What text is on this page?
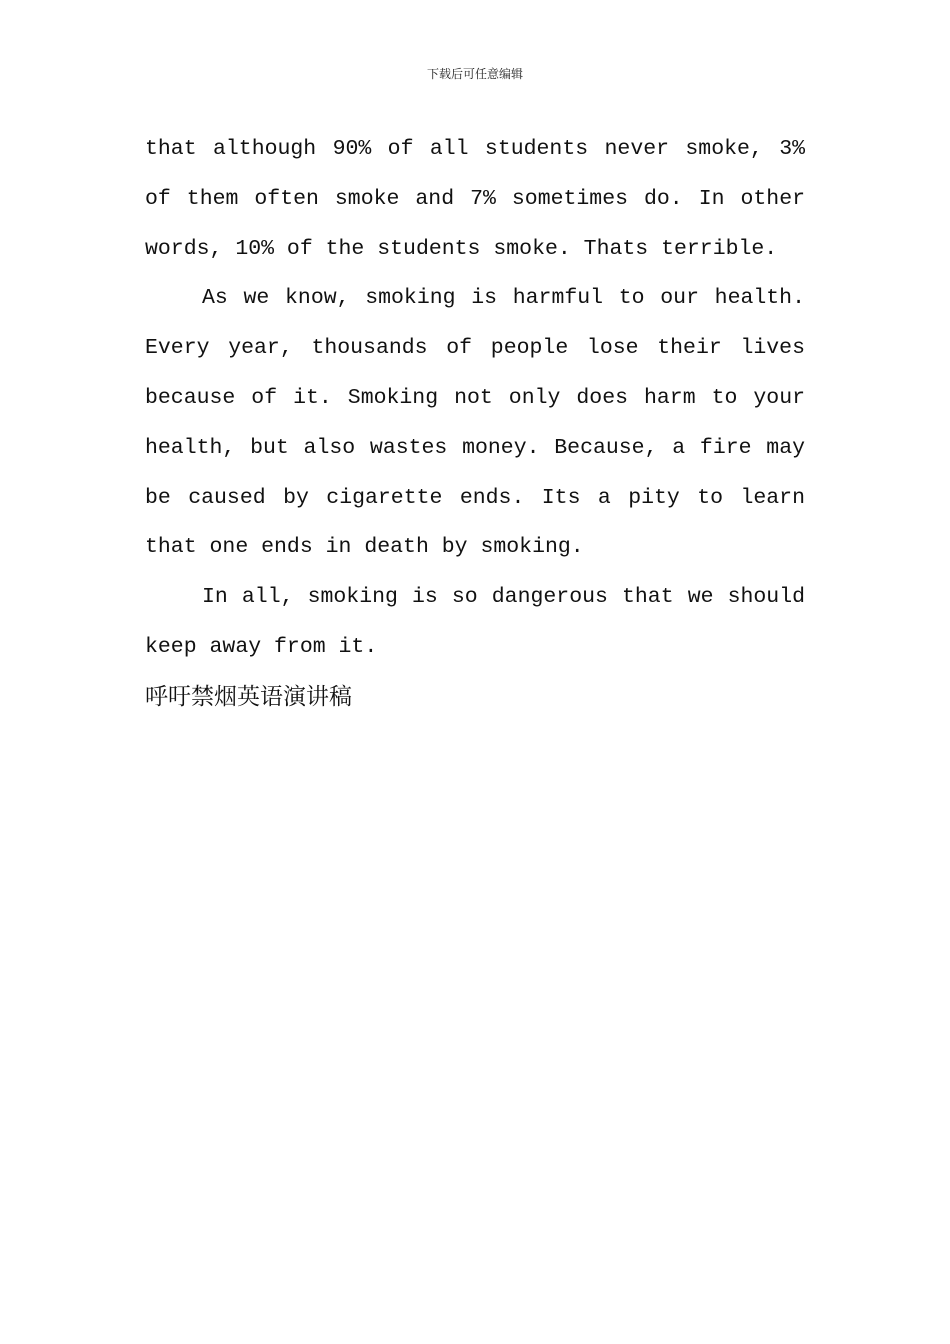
下载后可任意编辑

that although 90% of all students never smoke, 3% of them often smoke and 7% sometimes do. In other words, 10% of the students smoke. Thats terrible.

As we know, smoking is harmful to our health. Every year, thousands of people lose their lives because of it. Smoking not only does harm to your health, but also wastes money. Because, a fire may be caused by cigarette ends. Its a pity to learn that one ends in death by smoking.

In all, smoking is so dangerous that we should keep away from it.

呼吁禁烟英语演讲稿
